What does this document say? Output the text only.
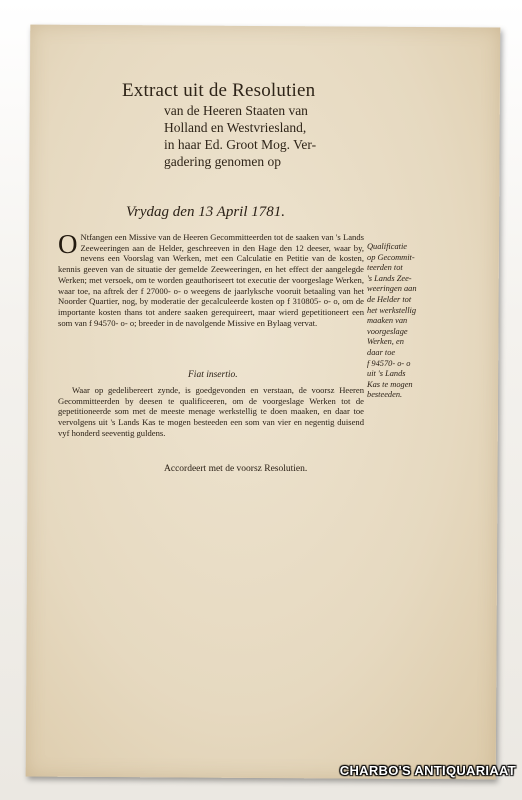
Extract uit de Resolutien
van de Heeren Staaten van
Holland en Westvriesland,
in haar Ed. Groot Mog. Ver-
gadering genomen op
Vrydag den 13 April 1781.
O Ntfangen een Missive van de Heeren Gecommitteerden tot de saaken van 's Lands Zeeweeringen aan de Helder, geschreeven in den Hage den 12 deeser, waar by, nevens een Voorslag van Werken, met een Calculatie en Petitie van de kosten, kennis geeven van de situatie der gemelde Zeeweeringen, en het effect der aangelegde Werken; met versoek, om te worden geauthoriseert tot executie der voorgeslage Werken, waar toe, na aftrek der f 27000- o- o weegens de jaarlyksche vooruit betaaling van het Noorder Quartier, nog, by moderatie der gecalculeerde kosten op f 310805- o- o, om de importante kosten thans tot andere saaken gerequireert, maar wierd gepetitioneert een som van f 94570- o- o; breeder in de navolgende Missive en Bylaag vervat.

Fiat insertio.
Waar op gedelibereert zynde, is goedgevonden en verstaan, de voorsz Heeren Gecommitteerden by deesen te qualificeeren, om de voorgeslage Werken tot de gepetitioneerde som met de meeste menage werkstellig te doen maaken, en daar toe vervolgens uit 's Lands Kas te mogen besteeden een som van vier en negentig duisend vyf honderd seeventig guldens.
Accordeert met de voorsz Resolutien.
Qualificatie
op Gecommit-
teerden tot
's Lands Zee-
weeringen aan
de Helder tot
het werkstellig
maaken van
voorgeslage
Werken, en
daar toe
f 94570- o- o
uit 's Lands
Kas te mogen
besteeden.
CHARBO'S ANTIQUARIAAT
